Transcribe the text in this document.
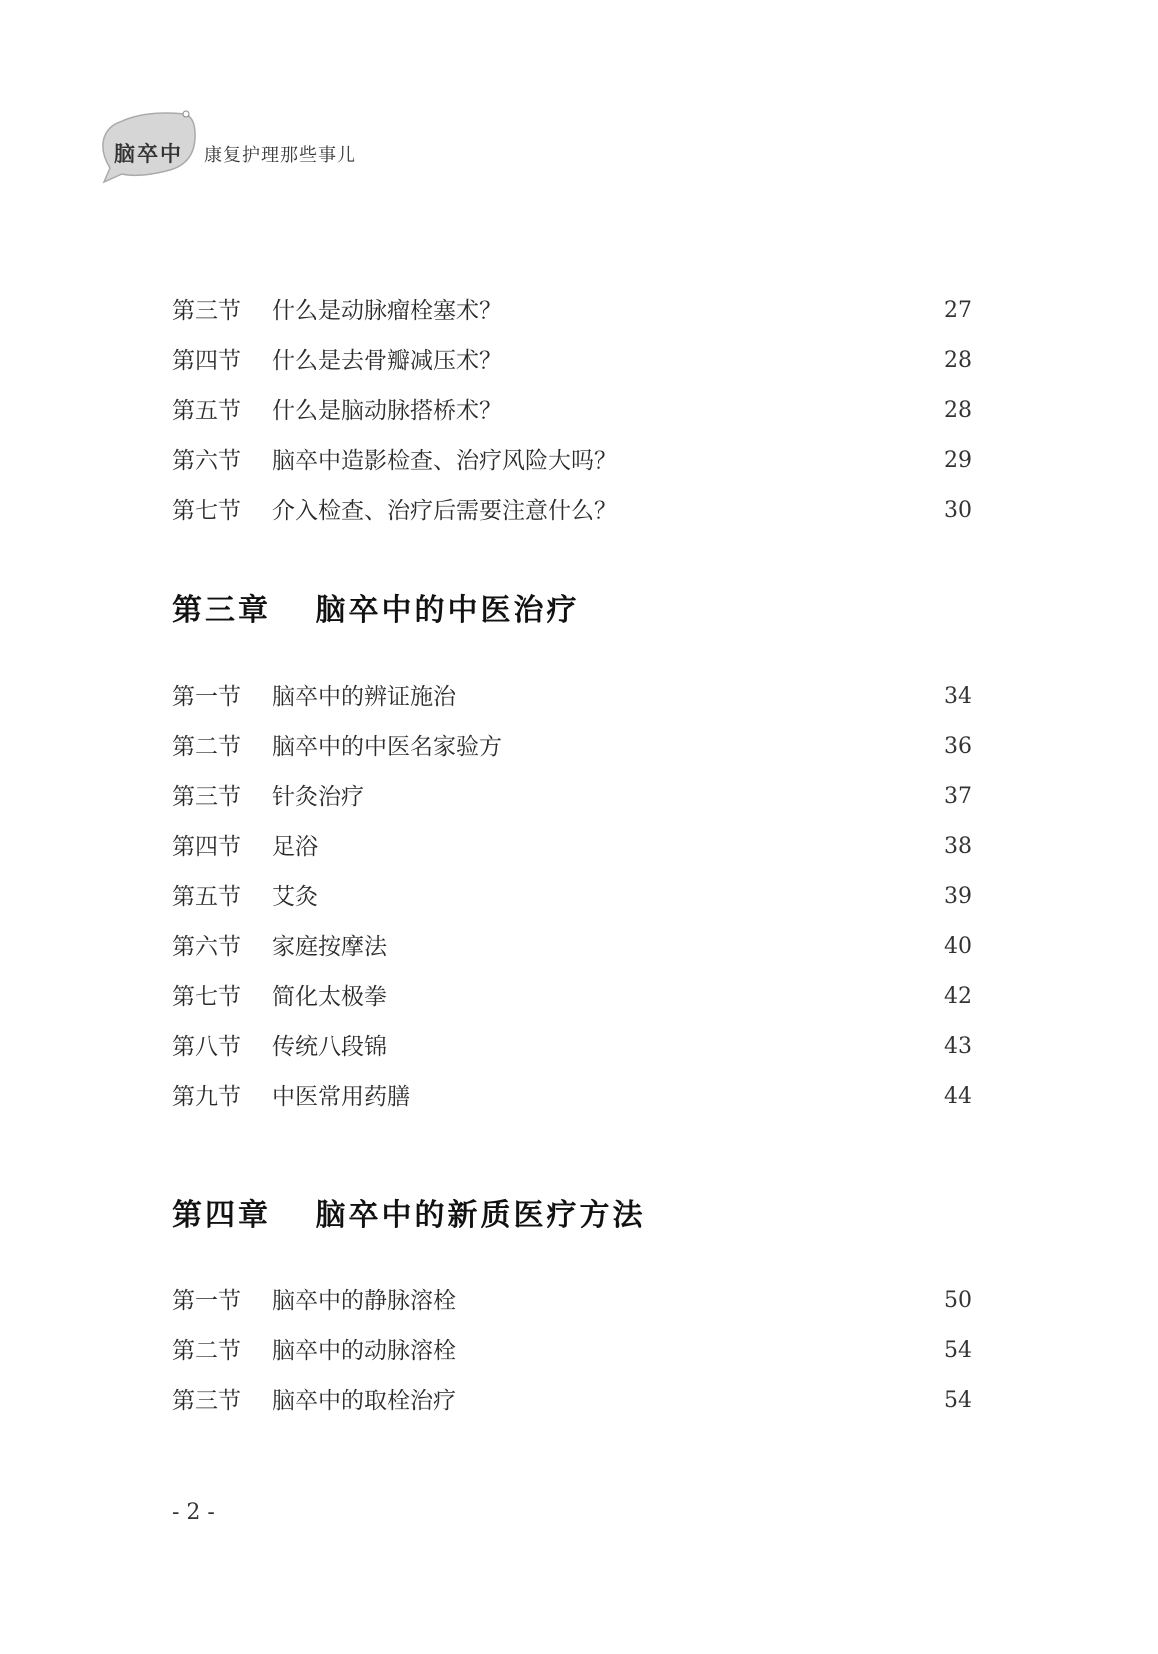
脑卒中 康复护理那些事儿
第三节 什么是动脉瘤栓塞术？	27
第四节 什么是去骨瓣减压术？	28
第五节 什么是脑动脉搭桥术？	28
第六节 脑卒中造影检查、治疗风险大吗？	29
第七节 介入检查、治疗后需要注意什么？	30
第三章 脑卒中的中医治疗
第一节 脑卒中的辨证施治	34
第二节 脑卒中的中医名家验方	36
第三节 针灸治疗	37
第四节 足浴	38
第五节 艾灸	39
第六节 家庭按摩法	40
第七节 简化太极拳	42
第八节 传统八段锦	43
第九节 中医常用药膳	44
第四章 脑卒中的新质医疗方法
第一节 脑卒中的静脉溶栓	50
第二节 脑卒中的动脉溶栓	54
第三节 脑卒中的取栓治疗	54
- 2 -
